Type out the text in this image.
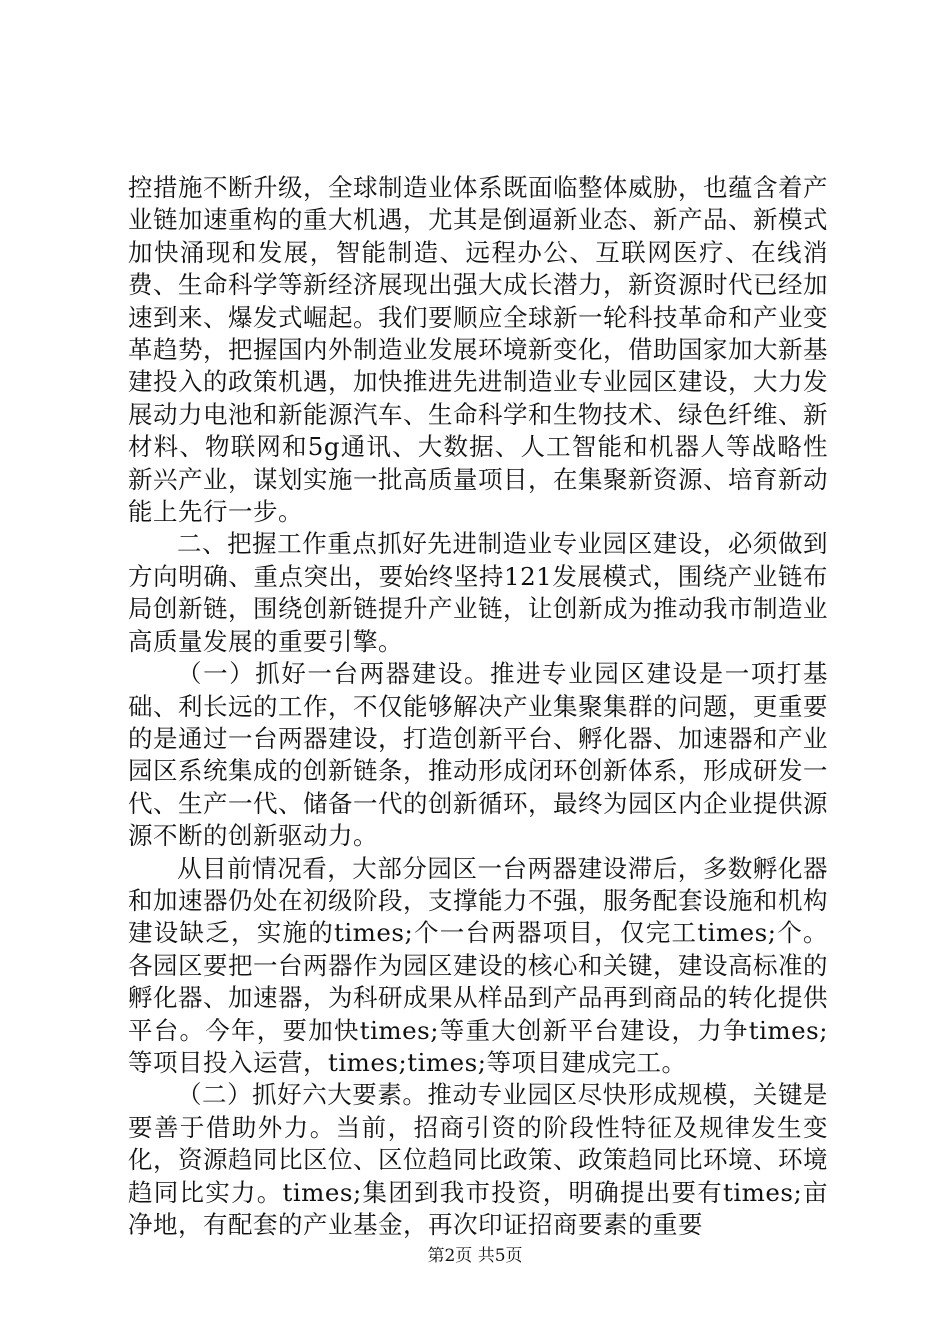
控措施不断升级，全球制造业体系既面临整体威胁，也蕴含着产业链加速重构的重大机遇，尤其是倒逼新业态、新产品、新模式加快涌现和发展，智能制造、远程办公、互联网医疗、在线消费、生命科学等新经济展现出强大成长潜力，新资源时代已经加速到来、爆发式崛起。我们要顺应全球新一轮科技革命和产业变革趋势，把握国内外制造业发展环境新变化，借助国家加大新基建投入的政策机遇，加快推进先进制造业专业园区建设，大力发展动力电池和新能源汽车、生命科学和生物技术、绿色纤维、新材料、物联网和5g通讯、大数据、人工智能和机器人等战略性新兴产业，谋划实施一批高质量项目，在集聚新资源、培育新动能上先行一步。

二、把握工作重点抓好先进制造业专业园区建设，必须做到方向明确、重点突出，要始终坚持121发展模式，围绕产业链布局创新链，围绕创新链提升产业链，让创新成为推动我市制造业高质量发展的重要引擎。

（一）抓好一台两器建设。推进专业园区建设是一项打基础、利长远的工作，不仅能够解决产业集聚集群的问题，更重要的是通过一台两器建设，打造创新平台、孵化器、加速器和产业园区系统集成的创新链条，推动形成闭环创新体系，形成研发一代、生产一代、储备一代的创新循环，最终为园区内企业提供源源不断的创新驱动力。

从目前情况看，大部分园区一台两器建设滞后，多数孵化器和加速器仍处在初级阶段，支撑能力不强，服务配套设施和机构建设缺乏，实施的times;个一台两器项目，仅完工times;个。各园区要把一台两器作为园区建设的核心和关键，建设高标准的孵化器、加速器，为科研成果从样品到产品再到商品的转化提供平台。今年，要加快times;等重大创新平台建设，力争times;等项目投入运营，times;times;等项目建成完工。

（二）抓好六大要素。推动专业园区尽快形成规模，关键是要善于借助外力。当前，招商引资的阶段性特征及规律发生变化，资源趋同比区位、区位趋同比政策、政策趋同比环境、环境趋同比实力。times;集团到我市投资，明确提出要有times;亩净地，有配套的产业基金，再次印证招商要素的重要

第2页 共5页
